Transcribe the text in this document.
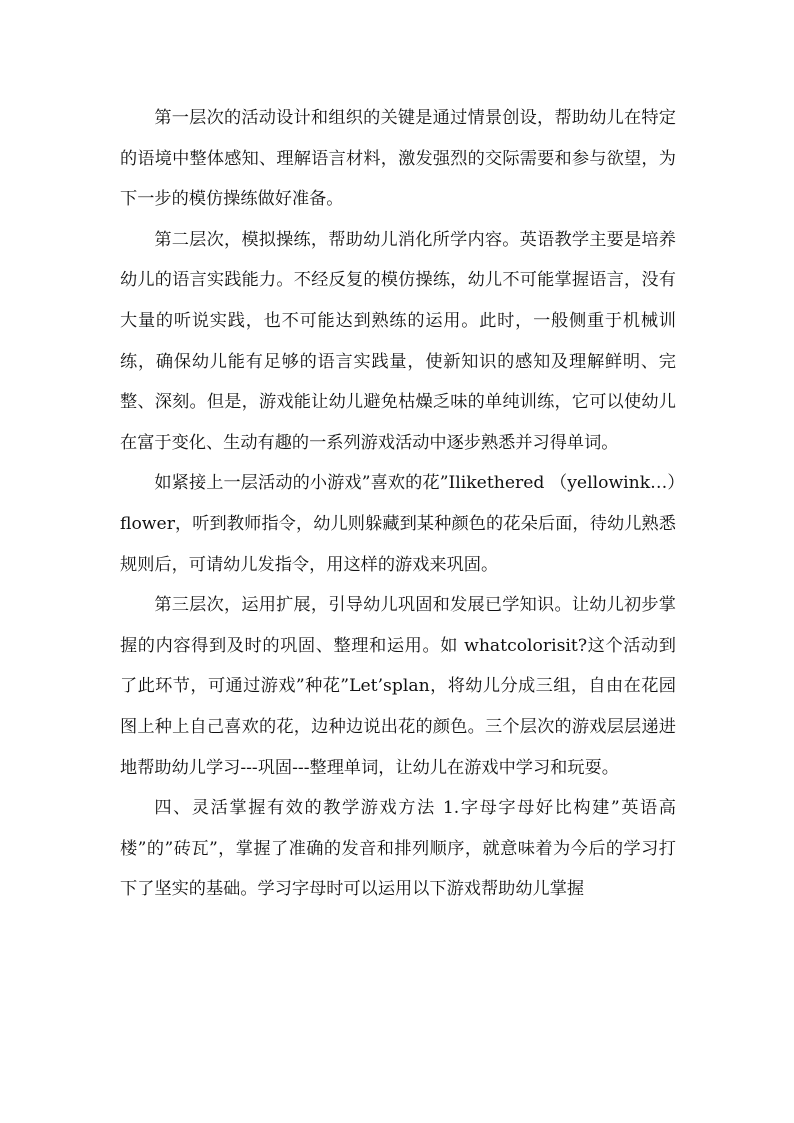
第一层次的活动设计和组织的关键是通过情景创设，帮助幼儿在特定的语境中整体感知、理解语言材料，激发强烈的交际需要和参与欲望，为下一步的模仿操练做好准备。

第二层次，模拟操练，帮助幼儿消化所学内容。英语教学主要是培养幼儿的语言实践能力。不经反复的模仿操练，幼儿不可能掌握语言，没有大量的听说实践，也不可能达到熟练的运用。此时，一般侧重于机械训练，确保幼儿能有足够的语言实践量，使新知识的感知及理解鲜明、完整、深刻。但是，游戏能让幼儿避免枯燥乏味的单纯训练，它可以使幼儿在富于变化、生动有趣的一系列游戏活动中逐步熟悉并习得单词。

如紧接上一层活动的小游戏”喜欢的花”Ilikethered （yellowink…）flower，听到教师指令，幼儿则躲藏到某种颜色的花朵后面，待幼儿熟悉规则后，可请幼儿发指令，用这样的游戏来巩固。

第三层次，运用扩展，引导幼儿巩固和发展已学知识。让幼儿初步掌握的内容得到及时的巩固、整理和运用。如 whatcolorisit?这个活动到了此环节，可通过游戏”种花”Let’splan，将幼儿分成三组，自由在花园图上种上自己喜欢的花，边种边说出花的颜色。三个层次的游戏层层递进地帮助幼儿学习---巩固---整理单词，让幼儿在游戏中学习和玩耍。

四、灵活掌握有效的教学游戏方法 1.字母字母好比构建”英语高楼”的”砖瓦”，掌握了准确的发音和排列顺序，就意味着为今后的学习打下了坚实的基础。学习字母时可以运用以下游戏帮助幼儿掌握
